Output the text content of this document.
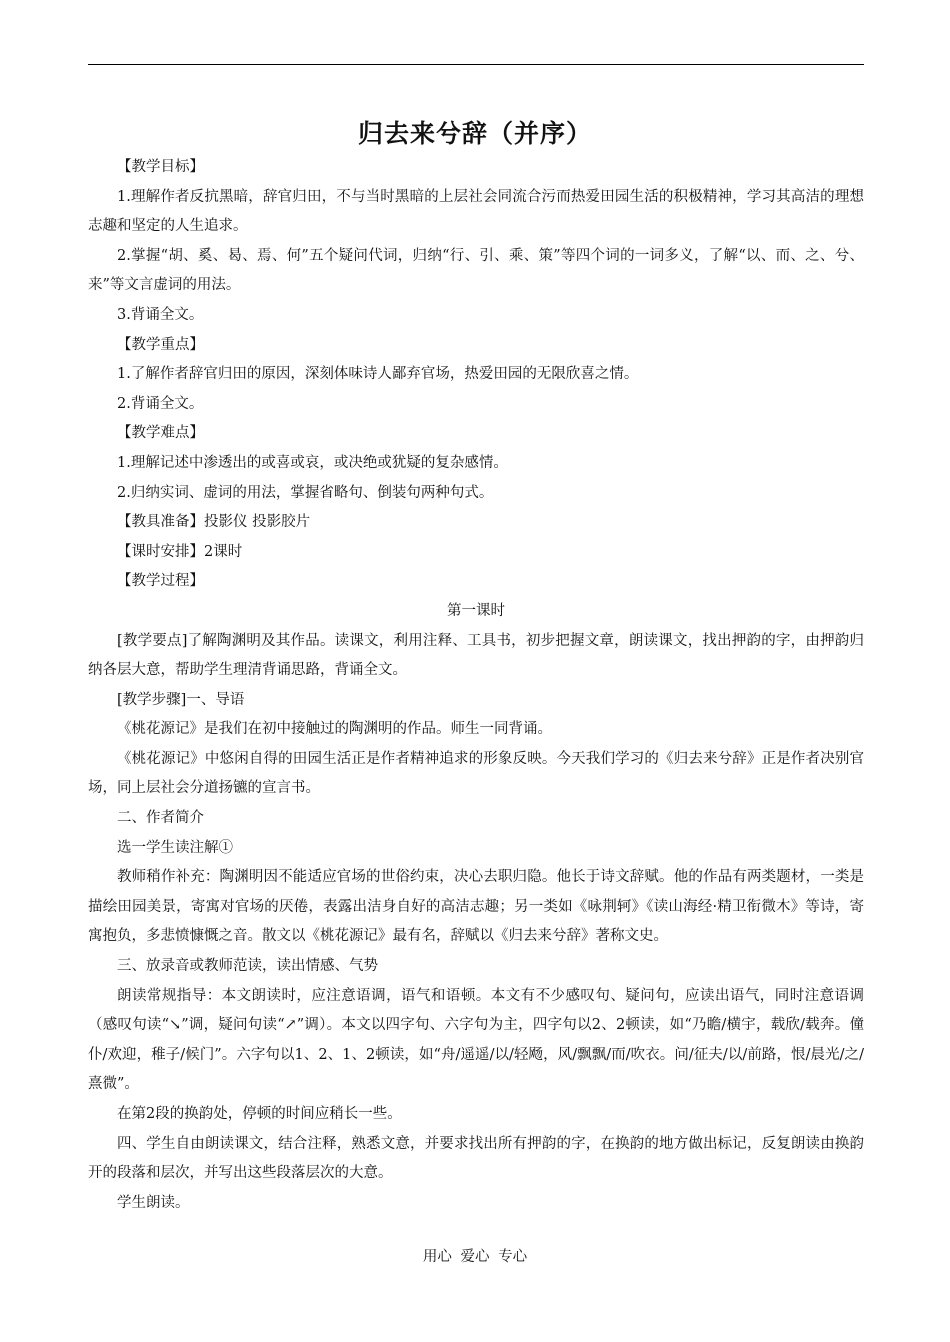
归去来兮辞（并序）

【教学目标】

1.理解作者反抗黑暗，辞官归田，不与当时黑暗的上层社会同流合污而热爱田园生活的积极精神，学习其高洁的理想志趣和坚定的人生追求。

2.掌握“胡、奚、曷、焉、何”五个疑问代词，归纳“行、引、乘、策”等四个词的一词多义，了解“以、而、之、兮、来”等文言虚词的用法。

3.背诵全文。

【教学重点】

1.了解作者辞官归田的原因，深刻体味诗人鄙弃官场，热爱田园的无限欣喜之情。

2.背诵全文。

【教学难点】

1.理解记述中渗透出的或喜或哀，或决绝或犹疑的复杂感情。

2.归纳实词、虚词的用法，掌握省略句、倒装句两种句式。

【教具准备】投影仪 投影胶片

【课时安排】2课时

【教学过程】

第一课时

[教学要点]了解陶渊明及其作品。读课文，利用注释、工具书，初步把握文章，朗读课文，找出押韵的字，由押韵归纳各层大意，帮助学生理清背诵思路，背诵全文。

[教学步骤]一、导语

《桃花源记》是我们在初中接触过的陶渊明的作品。师生一同背诵。

《桃花源记》中悠闲自得的田园生活正是作者精神追求的形象反映。今天我们学习的《归去来兮辞》正是作者决别官场，同上层社会分道扬镳的宣言书。

二、作者简介

选一学生读注解①

教师稍作补充：陶渊明因不能适应官场的世俗约束，决心去职归隐。他长于诗文辞赋。他的作品有两类题材，一类是描绘田园美景，寄寓对官场的厌倦，表露出洁身自好的高洁志趣；另一类如《咏荆轲》《读山海经·精卫衔微木》等诗，寄寓抱负，多悲愤慷慨之音。散文以《桃花源记》最有名，辞赋以《归去来兮辞》著称文史。

三、放录音或教师范读，读出情感、气势

朗读常规指导：本文朗读时，应注意语调，语气和语顿。本文有不少感叹句、疑问句，应读出语气，同时注意语调（感叹句读“↘”调，疑问句读“↗”调）。本文以四字句、六字句为主，四字句以2、2顿读，如“乃瞻/横宇，载欣/载奔。僮仆/欢迎，稚子/候门”。六字句以1、2、1、2顿读，如“舟/遥遥/以/轻飏，风/飘飘/而/吹衣。问/征夫/以/前路，恨/晨光/之/熹微”。

在第2段的换韵处，停顿的时间应稍长一些。

四、学生自由朗读课文，结合注释，熟悉文意，并要求找出所有押韵的字，在换韵的地方做出标记，反复朗读由换韵开的段落和层次，并写出这些段落层次的大意。

学生朗读。

用心 爱心 专心
